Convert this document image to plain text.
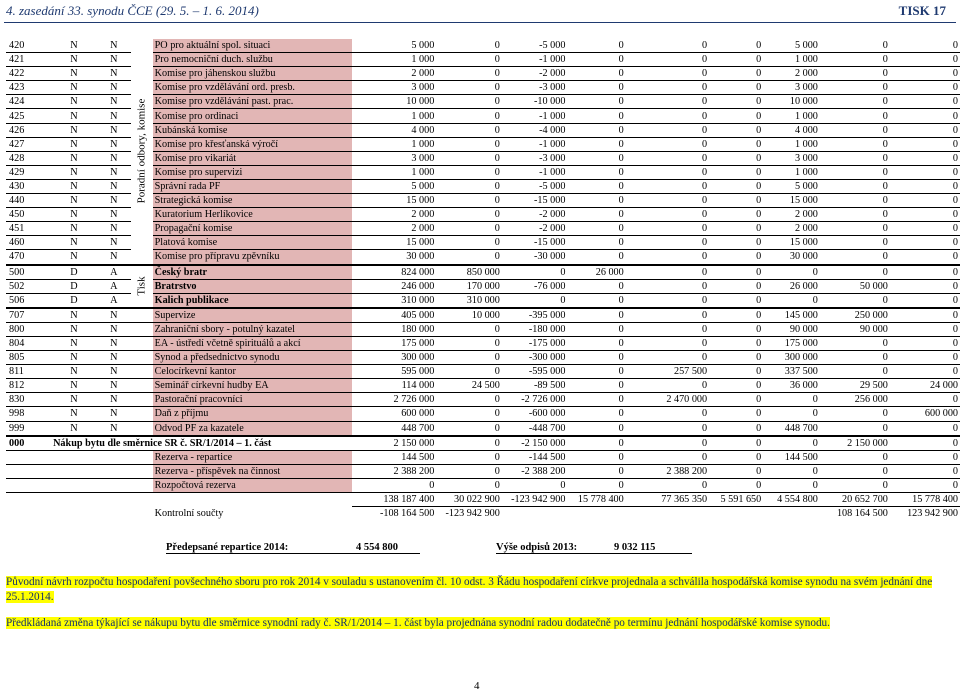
4. zasedání 33. synodu ČCE (29. 5. – 1. 6. 2014)	TISK 17
420	N	N	Poradní odbory, komise	PO pro aktuální spol. situaci	5 000	0	-5 000	0	0	0	5 000	0	0
421	N	N		Pro nemocniční duch. službu	1 000	0	-1 000	0	0	0	1 000	0	0
422	N	N		Komise pro jáhenskou službu	2 000	0	-2 000	0	0	0	2 000	0	0
423	N	N		Komise pro vzdělávání ord. presb.	3 000	0	-3 000	0	0	0	3 000	0	0
424	N	N		Komise pro vzdělávání past. prac.	10 000	0	-10 000	0	0	0	10 000	0	0
425	N	N		Komise pro ordinaci	1 000	0	-1 000	0	0	0	1 000	0	0
426	N	N		Kubánská komise	4 000	0	-4 000	0	0	0	4 000	0	0
427	N	N		Komise pro křesťanská výročí	1 000	0	-1 000	0	0	0	1 000	0	0
428	N	N		Komise pro vikariát	3 000	0	-3 000	0	0	0	3 000	0	0
429	N	N		Komise pro supervizi	1 000	0	-1 000	0	0	0	1 000	0	0
430	N	N		Správní rada PF	5 000	0	-5 000	0	0	0	5 000	0	0
440	N	N		Strategická komise	15 000	0	-15 000	0	0	0	15 000	0	0
450	N	N		Kuratorium Herlíkovice	2 000	0	-2 000	0	0	0	2 000	0	0
451	N	N		Propagační komise	2 000	0	-2 000	0	0	0	2 000	0	0
460	N	N		Platová komise	15 000	0	-15 000	0	0	0	15 000	0	0
470	N	N		Komise pro přípravu zpěvníku	30 000	0	-30 000	0	0	0	30 000	0	0
500	D	A	Tisk	Český bratr	824 000	850 000	0	26 000	0	0	0	0	0
502	D	A		Bratrstvo	246 000	170 000	-76 000	0	0	0	26 000	50 000	0
506	D	A		Kalich publikace	310 000	310 000	0	0	0	0	0	0	0
707	N	N		Supervize	405 000	10 000	-395 000	0	0	0	145 000	250 000	0
800	N	N		Zahraniční sbory - potulný kazatel	180 000	0	-180 000	0	0	0	90 000	90 000	0
804	N	N		EA - ústředí včetně spirituálů a akcí	175 000	0	-175 000	0	0	0	175 000	0	0
805	N	N		Synod a předsednictvo synodu	300 000	0	-300 000	0	0	0	300 000	0	0
811	N	N		Celocírkevní kantor	595 000	0	-595 000	0	257 500	0	337 500	0	0
812	N	N		Seminář církevní hudby EA	114 000	24 500	-89 500	0	0	0	36 000	29 500	24 000
830	N	N		Pastorační pracovníci	2 726 000	0	-2 726 000	0	2 470 000	0	0	256 000	0
998	N	N		Daň z příjmu	600 000	0	-600 000	0	0	0	0	0	600 000
999	N	N		Odvod PF za kazatele	448 700	0	-448 700	0	0	0	448 700	0	0
000	Nákup bytu dle směrnice SR č. SR/1/2014 – 1. část				2 150 000	0	-2 150 000	0	0	0	0	2 150 000	0
				Rezerva - repartice	144 500	0	-144 500	0	0	0	144 500	0	0
				Rezerva - příspěvek na činnost	2 388 200	0	-2 388 200	0	2 388 200	0	0	0	0
				Rozpočtová rezerva	0	0	0	0	0	0	0	0	0
					138 187 400	30 022 900	-123 942 900	15 778 400	77 365 350	5 591 650	4 554 800	20 652 700	15 778 400
				Kontrolní součty	-108 164 500	-123 942 900						108 164 500	123 942 900
Předepsané repartice 2014:	4 554 800	Výše odpisů 2013:	9 032 115
Původní návrh rozpočtu hospodaření povšechného sboru pro rok 2014 v souladu s ustanovením čl. 10 odst. 3 Řádu hospodaření církve projednala a schválila hospodářská komise synodu na svém jednání dne 25.1.2014.
Předkládaná změna týkající se nákupu bytu dle směrnice synodní rady č. SR/1/2014 – 1. část byla projednána synodní radou dodatečně po termínu jednání hospodářské komise synodu.
4
